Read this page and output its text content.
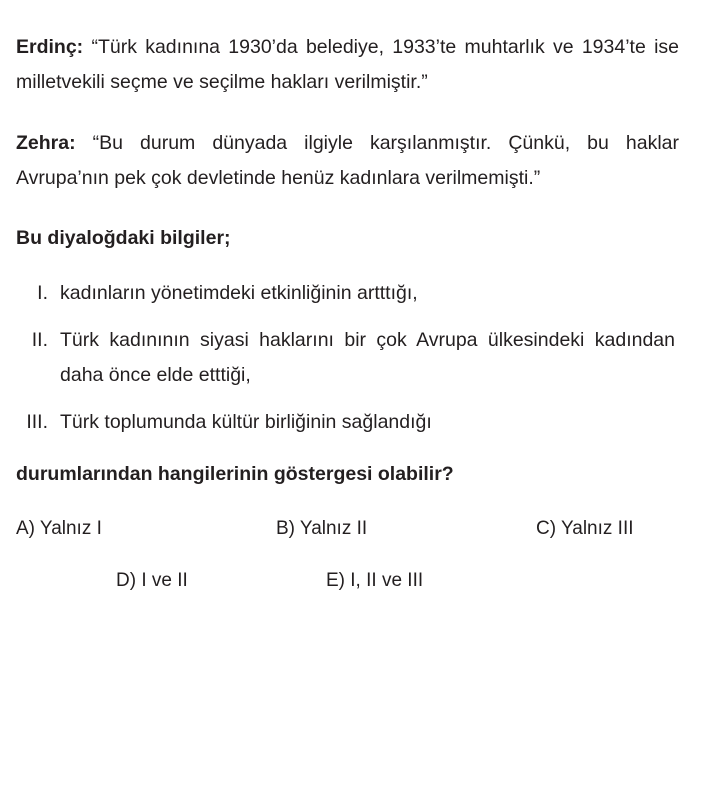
Erdinç: “Türk kadınına 1930’da belediye, 1933’te muhtarlık ve 1934’te ise milletvekili seçme ve seçilme hakları verilmiştir.”

Zehra: “Bu durum dünyada ilgiyle karşılanmıştır. Çünkü, bu haklar Avrupa’nın pek çok devletinde henüz kadınlara verilmemişti.”

Bu diyaloğdaki bilgiler;

I. kadınların yönetimdeki etkinliğinin artttığı,
II. Türk kadınının siyasi haklarını bir çok Avrupa ülkesindeki kadından daha önce elde etttiği,
III. Türk toplumunda kültür birliğinin sağlandığı

durumlarından hangilerinin göstergesi olabilir?

A) Yalnız I	B) Yalnız II	C) Yalnız III
D) I ve II	E) I, II ve III
